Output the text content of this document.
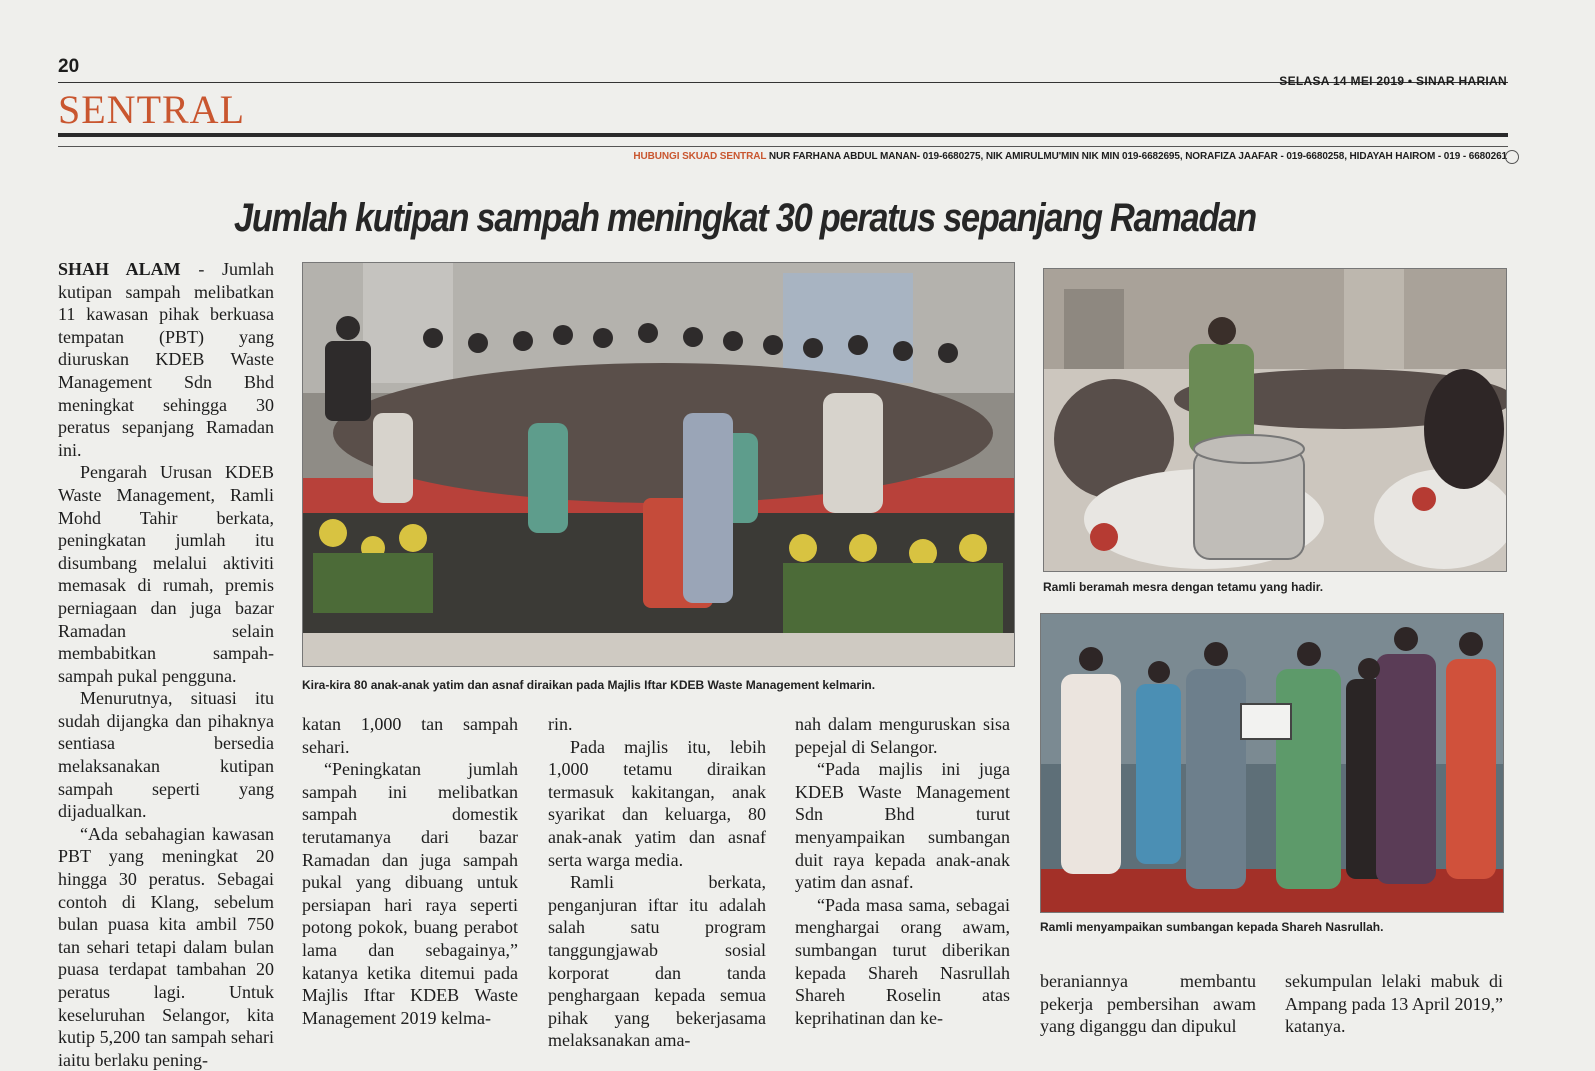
20
SELASA 14 MEI 2019 • SINAR HARIAN
SENTRAL
HUBUNGI SKUAD SENTRAL NUR FARHANA ABDUL MANAN- 019-6680275, NIK AMIRULMU'MIN NIK MIN 019-6682695, NORAFIZA JAAFAR - 019-6680258, HIDAYAH HAIROM - 019 - 6680261
Jumlah kutipan sampah meningkat 30 peratus sepanjang Ramadan

SHAH ALAM - Jumlah kutipan sampah melibatkan 11 kawasan pihak berkuasa tempatan (PBT) yang diuruskan KDEB Waste Management Sdn Bhd meningkat sehingga 30 peratus sepanjang Ramadan ini.

Pengarah Urusan KDEB Waste Management, Ramli Mohd Tahir berkata, peningkatan jumlah itu disumbang melalui aktiviti memasak di rumah, premis perniagaan dan juga bazar Ramadan selain membabitkan sampah-sampah pukal pengguna.

Menurutnya, situasi itu sudah dijangka dan pihaknya sentiasa bersedia melaksanakan kutipan sampah seperti yang dijadualkan.

“Ada sebahagian kawasan PBT yang meningkat 20 hingga 30 peratus. Sebagai contoh di Klang, sebelum bulan puasa kita ambil 750 tan sehari tetapi dalam bulan puasa terdapat tambahan 20 peratus lagi. Untuk keseluruhan Selangor, kita kutip 5,200 tan sampah sehari iaitu berlaku pening-

katan 1,000 tan sampah sehari.

“Peningkatan jumlah sampah ini melibatkan sampah domestik terutamanya dari bazar Ramadan dan juga sampah pukal yang dibuang untuk persiapan hari raya seperti potong pokok, buang perabot lama dan sebagainya,” katanya ketika ditemui pada Majlis Iftar KDEB Waste Management 2019 kelma-

rin.

Pada majlis itu, lebih 1,000 tetamu diraikan termasuk kakitangan, anak syarikat dan keluarga, 80 anak-anak yatim dan asnaf serta warga media.

Ramli berkata, penganjuran iftar itu adalah salah satu program tanggungjawab sosial korporat dan tanda penghargaan kepada semua pihak yang bekerjasama melaksanakan ama-

nah dalam menguruskan sisa pepejal di Selangor.

“Pada majlis ini juga KDEB Waste Management Sdn Bhd turut menyampaikan sumbangan duit raya kepada anak-anak yatim dan asnaf.

“Pada masa sama, sebagai menghargai orang awam, sumbangan turut diberikan kepada Shareh Nasrullah Shareh Roselin atas keprihatinan dan ke-

beraniannya membantu pekerja pembersihan awam yang diganggu dan dipukul

sekumpulan lelaki mabuk di Ampang pada 13 April 2019,” katanya.

Kira-kira 80 anak-anak yatim dan asnaf diraikan pada Majlis Iftar KDEB Waste Management kelmarin.
Ramli beramah mesra dengan tetamu yang hadir.
Ramli menyampaikan sumbangan kepada Shareh Nasrullah.
